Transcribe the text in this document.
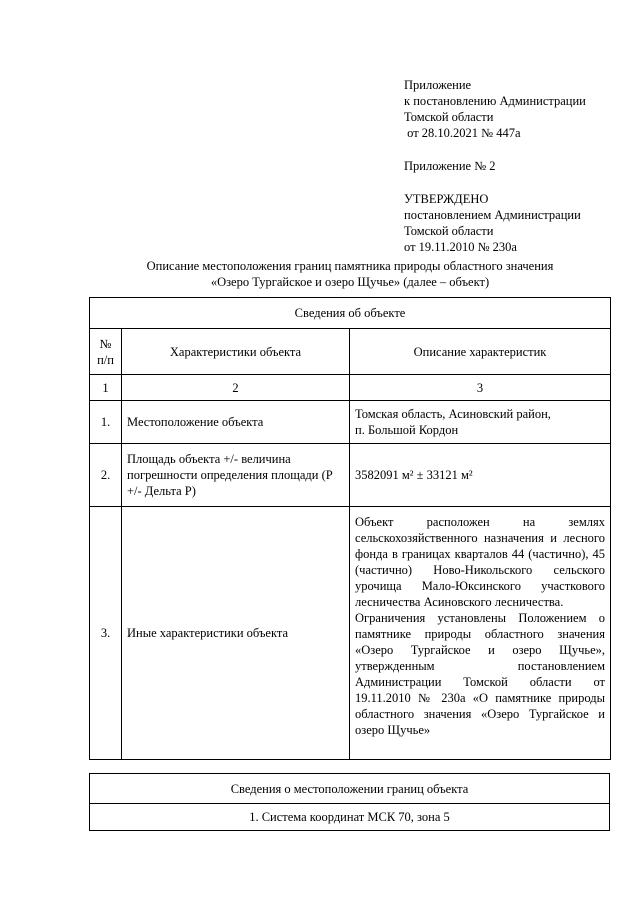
Приложение
к постановлению Администрации
Томской области
от 28.10.2021 № 447а
Приложение № 2
УТВЕРЖДЕНО
постановлением Администрации
Томской области
от 19.11.2010 № 230а
Описание местоположения границ памятника природы областного значения
«Озеро Тургайское и озеро Щучье» (далее – объект)
Сведения об объекте		
№
п/п	Характеристики объекта	Описание характеристик
1	2	3
1.	Местоположение объекта	Томская область, Асиновский район,
п. Большой Кордон
2.	Площадь объекта +/- величина погрешности определения площади (Р +/- Дельта Р)	3582091 м² ± 33121 м²
3.	Иные характеристики объекта	Объект расположен на землях сельскохозяйственного назначения и лесного фонда в границах кварталов 44 (частично), 45 (частично) Ново-Никольского сельского урочища Мало-Юксинского участкового лесничества Асиновского лесничества.
Ограничения установлены Положением о памятнике природы областного значения «Озеро Тургайское и озеро Щучье», утвержденным постановлением Администрации Томской области от 19.11.2010 № 230а «О памятнике природы областного значения «Озеро Тургайское и озеро Щучье»
Сведения о местоположении границ объекта
1. Система координат МСК 70, зона 5
